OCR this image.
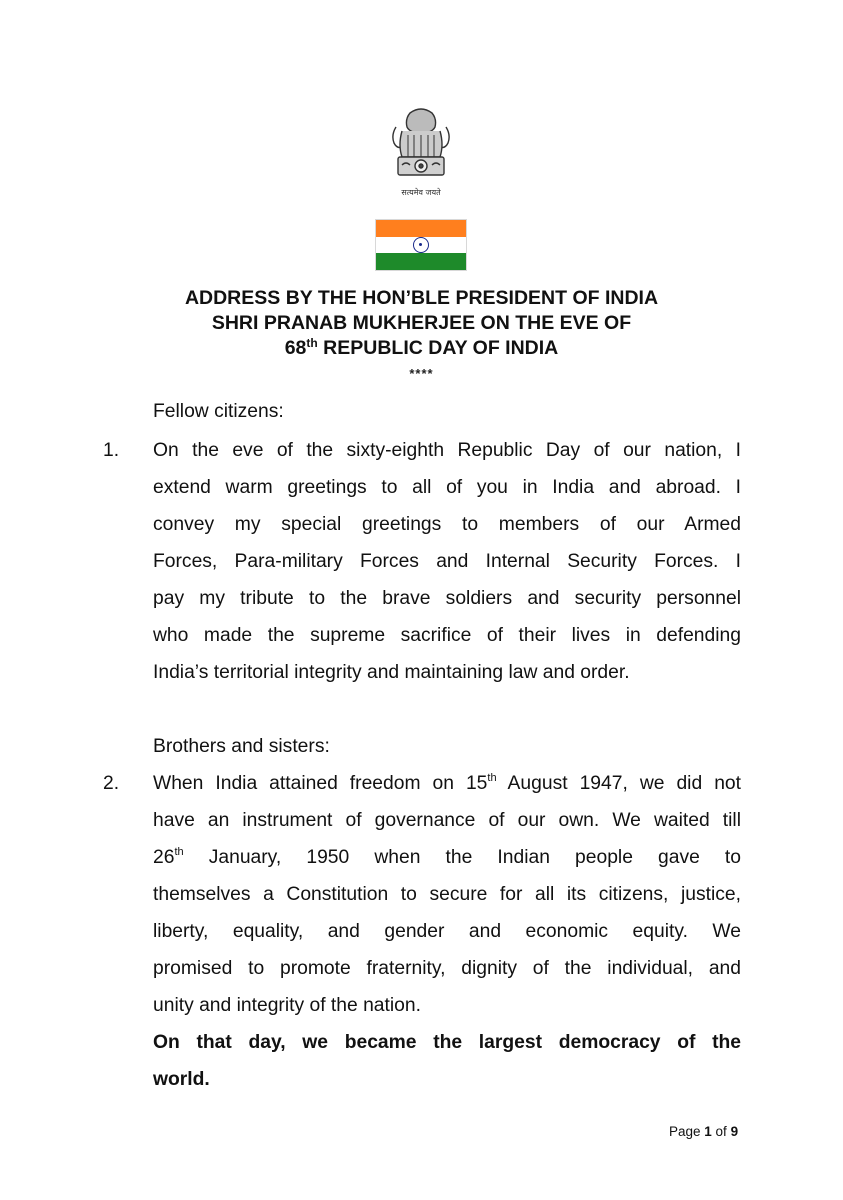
सत्यमेव जयते
ADDRESS BY THE HON’BLE PRESIDENT OF INDIA
SHRI PRANAB MUKHERJEE ON THE EVE OF
68th REPUBLIC DAY OF INDIA
****
Fellow citizens:
1. On the eve of the sixty-eighth Republic Day of our nation, I
extend warm greetings to all of you in India and abroad. I
convey my special greetings to members of our Armed
Forces, Para-military Forces and Internal Security Forces. I
pay my tribute to the brave soldiers and security personnel
who made the supreme sacrifice of their lives in defending
India’s territorial integrity and maintaining law and order.
Brothers and sisters:
2. When India attained freedom on 15th August 1947, we did not
have an instrument of governance of our own. We waited till
26th January, 1950 when the Indian people gave to
themselves a Constitution to secure for all its citizens, justice,
liberty, equality, and gender and economic equity. We
promised to promote fraternity, dignity of the individual, and
unity and integrity of the nation.
On that day, we became the largest democracy of the
world.
Page 1 of 9
